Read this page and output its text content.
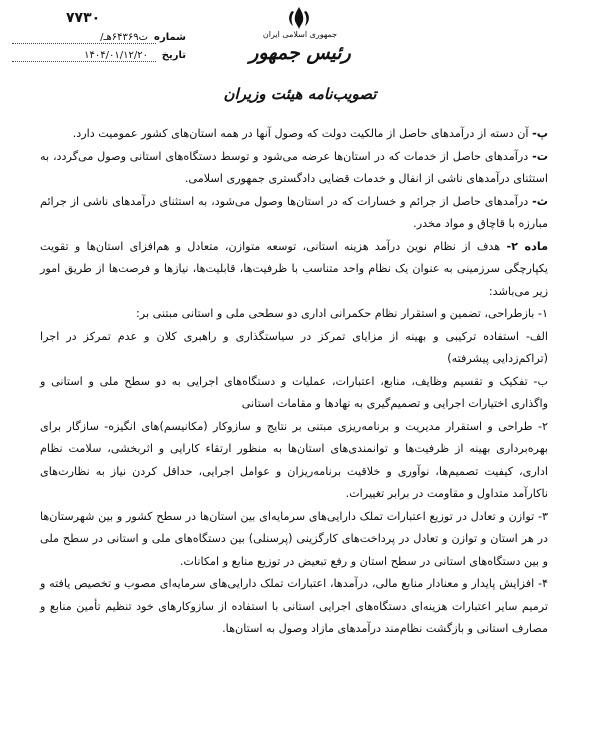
۷۷۳۰
شماره
/ت۶۴۳۶۹هـ
تاریخ
۱۴۰۴/۰۱/۱۲/۲۰
جمهوری اسلامی ایران
رئیس جمهور
تصویب‌نامه هیئت وزیران

پ- آن دسته از درآمدهای حاصل از مالکیت دولت که وصول آنها در همه استان‌های کشور عمومیت دارد.

ت- درآمدهای حاصل از خدمات که در استان‌ها عرضه می‌شود و توسط دستگاه‌های استانی وصول می‌گردد، به استثنای درآمدهای ناشی از انفال و خدمات قضایی دادگستری جمهوری اسلامی.

ث- درآمدهای حاصل از جرائم و خسارات که در استان‌ها وصول می‌شود، به استثنای درآمدهای ناشی از جرائم مبارزه با قاچاق و مواد مخدر.

ماده ۲- هدف از نظام نوین درآمد هزینه استانی، توسعه متوازن، متعادل و هم‌افزای استان‌ها و تقویت یکپارچگی سرزمینی به عنوان یک نظام واحد متناسب با ظرفیت‌ها، قابلیت‌ها، نیازها و فرصت‌ها از طریق امور زیر می‌باشد:

۱- بازطراحی، تضمین و استقرار نظام حکمرانی اداری دو سطحی ملی و استانی مبتنی بر:

الف- استفاده ترکیبی و بهینه از مزایای تمرکز در سیاستگذاری و راهبری کلان و عدم تمرکز در اجرا (تراکم‌زدایی پیشرفته)

ب- تفکیک و تقسیم وظایف، منابع، اعتبارات، عملیات و دستگاه‌های اجرایی به دو سطح ملی و استانی و واگذاری اختیارات اجرایی و تصمیم‌گیری به نهادها و مقامات استانی

۲- طراحی و استقرار مدیریت و برنامه‌ریزی مبتنی بر نتایج و سازوکار (مکانیسم)های انگیزه- سازگار برای بهره‌برداری بهینه از ظرفیت‌ها و توانمندی‌های استان‌ها به منظور ارتقاء کارایی و اثربخشی، سلامت نظام اداری، کیفیت تصمیم‌ها، نوآوری و خلاقیت برنامه‌ریزان و عوامل اجرایی، حداقل کردن نیاز به نظارت‌های ناکارآمد متداول و مقاومت در برابر تغییرات.

۳- توازن و تعادل در توزیع اعتبارات تملک دارایی‌های سرمایه‌ای بین استان‌ها در سطح کشور و بین شهرستان‌ها در هر استان و توازن و تعادل در پرداخت‌های کارگزینی (پرسنلی) بین دستگاه‌های ملی و استانی در سطح ملی و بین دستگاه‌های استانی در سطح استان و رفع تبعیض در توزیع منابع و امکانات.

۴- افزایش پایدار و معنادار منابع مالی، درآمدها، اعتبارات تملک دارایی‌های سرمایه‌ای مصوب و تخصیص یافته و ترمیم سایر اعتبارات هزینه‌ای دستگاه‌های اجرایی استانی با استفاده از سازوکارهای خود تنظیم تأمین منابع و مصارف استانی و بازگشت نظام‌مند درآمدهای مازاد وصول به استان‌ها.
